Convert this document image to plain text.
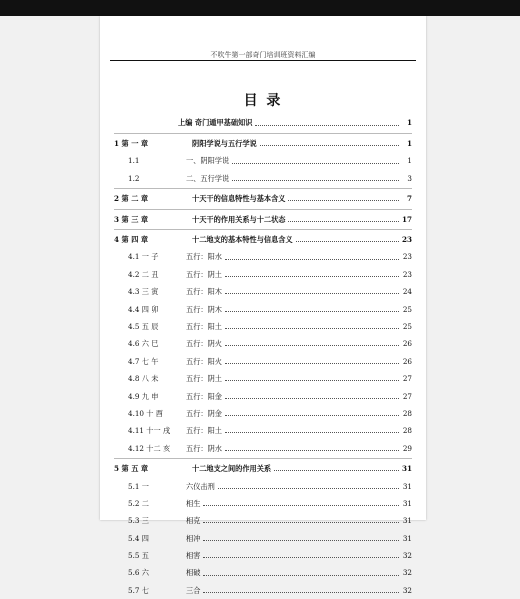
不吹牛第一部奇门培训班资料汇编
目 录
上编 奇门遁甲基础知识	1
1 第 一 章	阴阳学说与五行学说	1
1.1	一、阴阳学说	1
1.2	二、五行学说	3
2 第 二 章	十天干的信息特性与基本含义	7
3 第 三 章	十天干的作用关系与十二状态	17
4 第 四 章	十二地支的基本特性与信息含义	23
4.1 一 子	五行：阳水	23
4.2 二 丑	五行：阴土	23
4.3 三 寅	五行：阳木	24
4.4 四 卯	五行：阴木	25
4.5 五 辰	五行：阳土	25
4.6 六 巳	五行：阴火	26
4.7 七 午	五行：阳火	26
4.8 八 未	五行：阴土	27
4.9 九 申	五行：阳金	27
4.10 十 酉	五行：阴金	28
4.11 十一 戌	五行：阳土	28
4.12 十二 亥	五行：阴水	29
5 第 五 章	十二地支之间的作用关系	31
5.1 一	六仪击刑	31
5.2 二	相生	31
5.3 三	相克	31
5.4 四	相冲	31
5.5 五	相害	32
5.6 六	相破	32
5.7 七	三合	32
